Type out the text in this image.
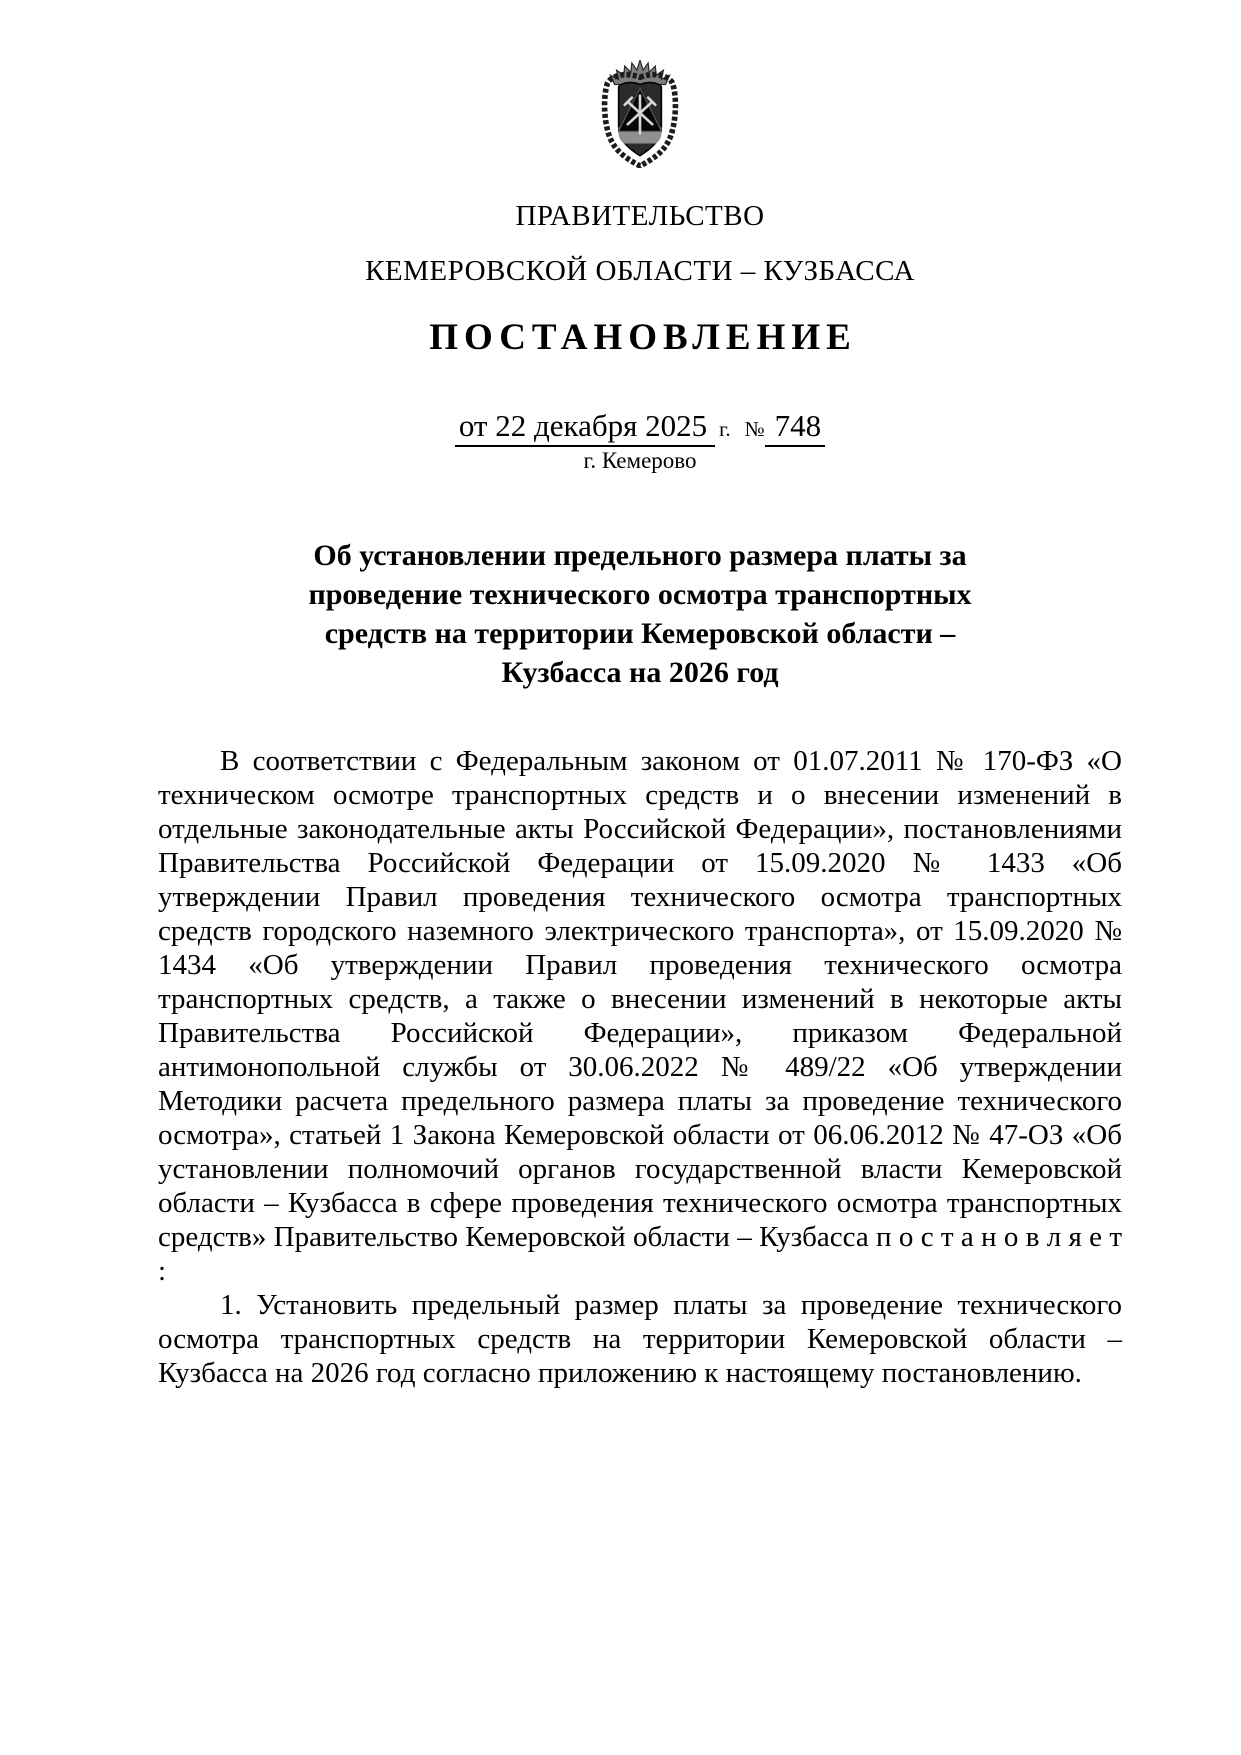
ПРАВИТЕЛЬСТВО
КЕМЕРОВСКОЙ ОБЛАСТИ – КУЗБАССА
ПОСТАНОВЛЕНИЕ
от 22 декабря 2025 г. № 748
г. Кемерово
Об установлении предельного размера платы за проведение технического осмотра транспортных средств на территории Кемеровской области – Кузбасса на 2026 год

В соответствии с Федеральным законом от 01.07.2011 № 170-ФЗ «О техническом осмотре транспортных средств и о внесении изменений в отдельные законодательные акты Российской Федерации», постановлениями Правительства Российской Федерации от 15.09.2020 № 1433 «Об утверждении Правил проведения технического осмотра транспортных средств городского наземного электрического транспорта», от 15.09.2020 № 1434 «Об утверждении Правил проведения технического осмотра транспортных средств, а также о внесении изменений в некоторые акты Правительства Российской Федерации», приказом Федеральной антимонопольной службы от 30.06.2022 № 489/22 «Об утверждении Методики расчета предельного размера платы за проведение технического осмотра», статьей 1 Закона Кемеровской области от 06.06.2012 № 47-ОЗ «Об установлении полномочий органов государственной власти Кемеровской области – Кузбасса в сфере проведения технического осмотра транспортных средств» Правительство Кемеровской области – Кузбасса п о с т а н о в л я е т :

1. Установить предельный размер платы за проведение технического осмотра транспортных средств на территории Кемеровской области – Кузбасса на 2026 год согласно приложению к настоящему постановлению.
